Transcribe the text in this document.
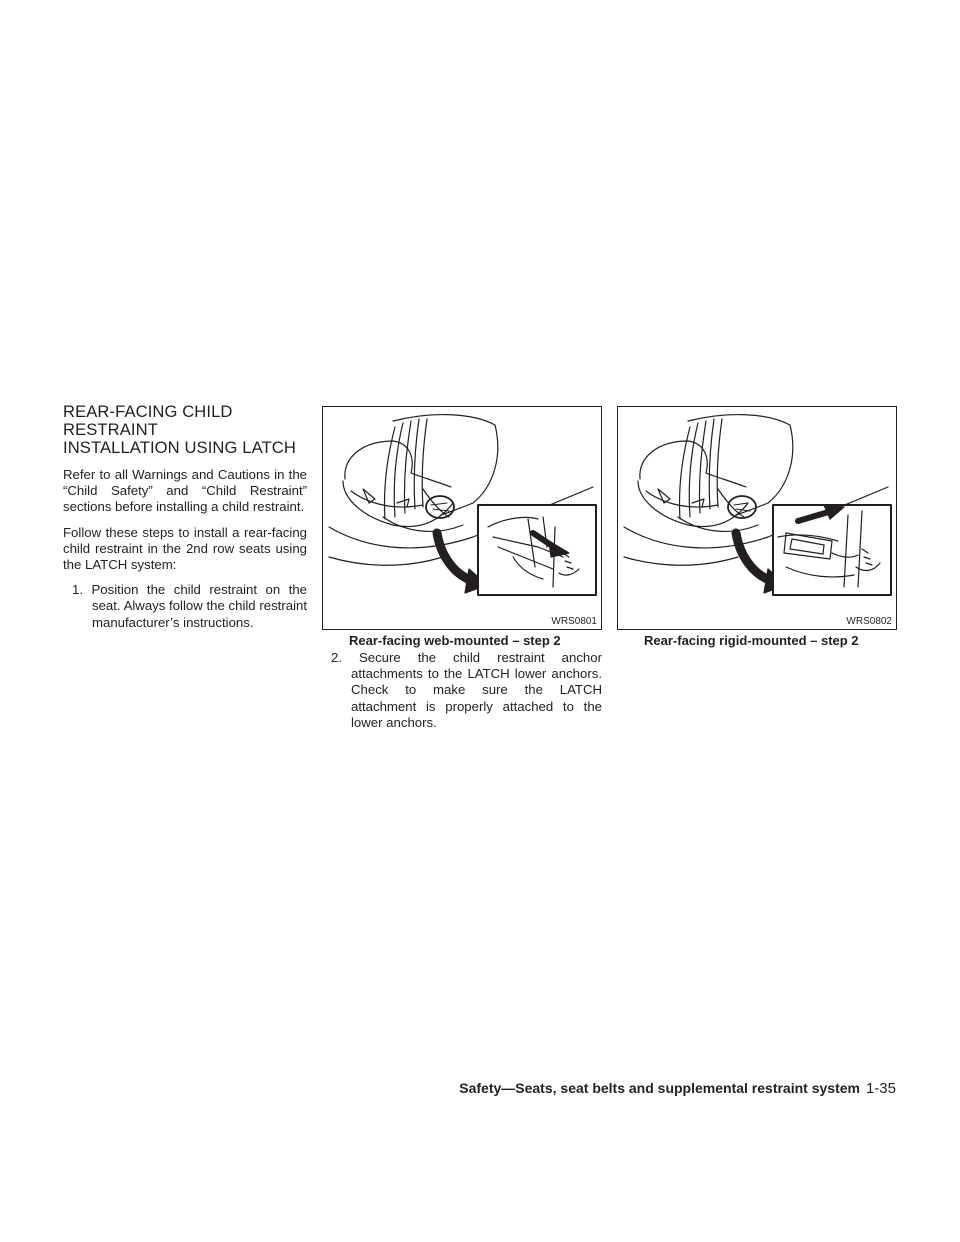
REAR-FACING CHILD RESTRAINT
INSTALLATION USING LATCH

Refer to all Warnings and Cautions in the “Child Safety” and “Child Restraint” sections before installing a child restraint.

Follow these steps to install a rear-facing child restraint in the 2nd row seats using the LATCH system:

1. Position the child restraint on the seat. Always follow the child restraint manufacturer’s instructions.	WRS0801
Rear-facing web-mounted – step 2

2. Secure the child restraint anchor attachments to the LATCH lower anchors. Check to make sure the LATCH attachment is properly attached to the lower anchors.

WRS0802
Rear-facing rigid-mounted – step 2
Safety—Seats, seat belts and supplemental restraint system 1-35
